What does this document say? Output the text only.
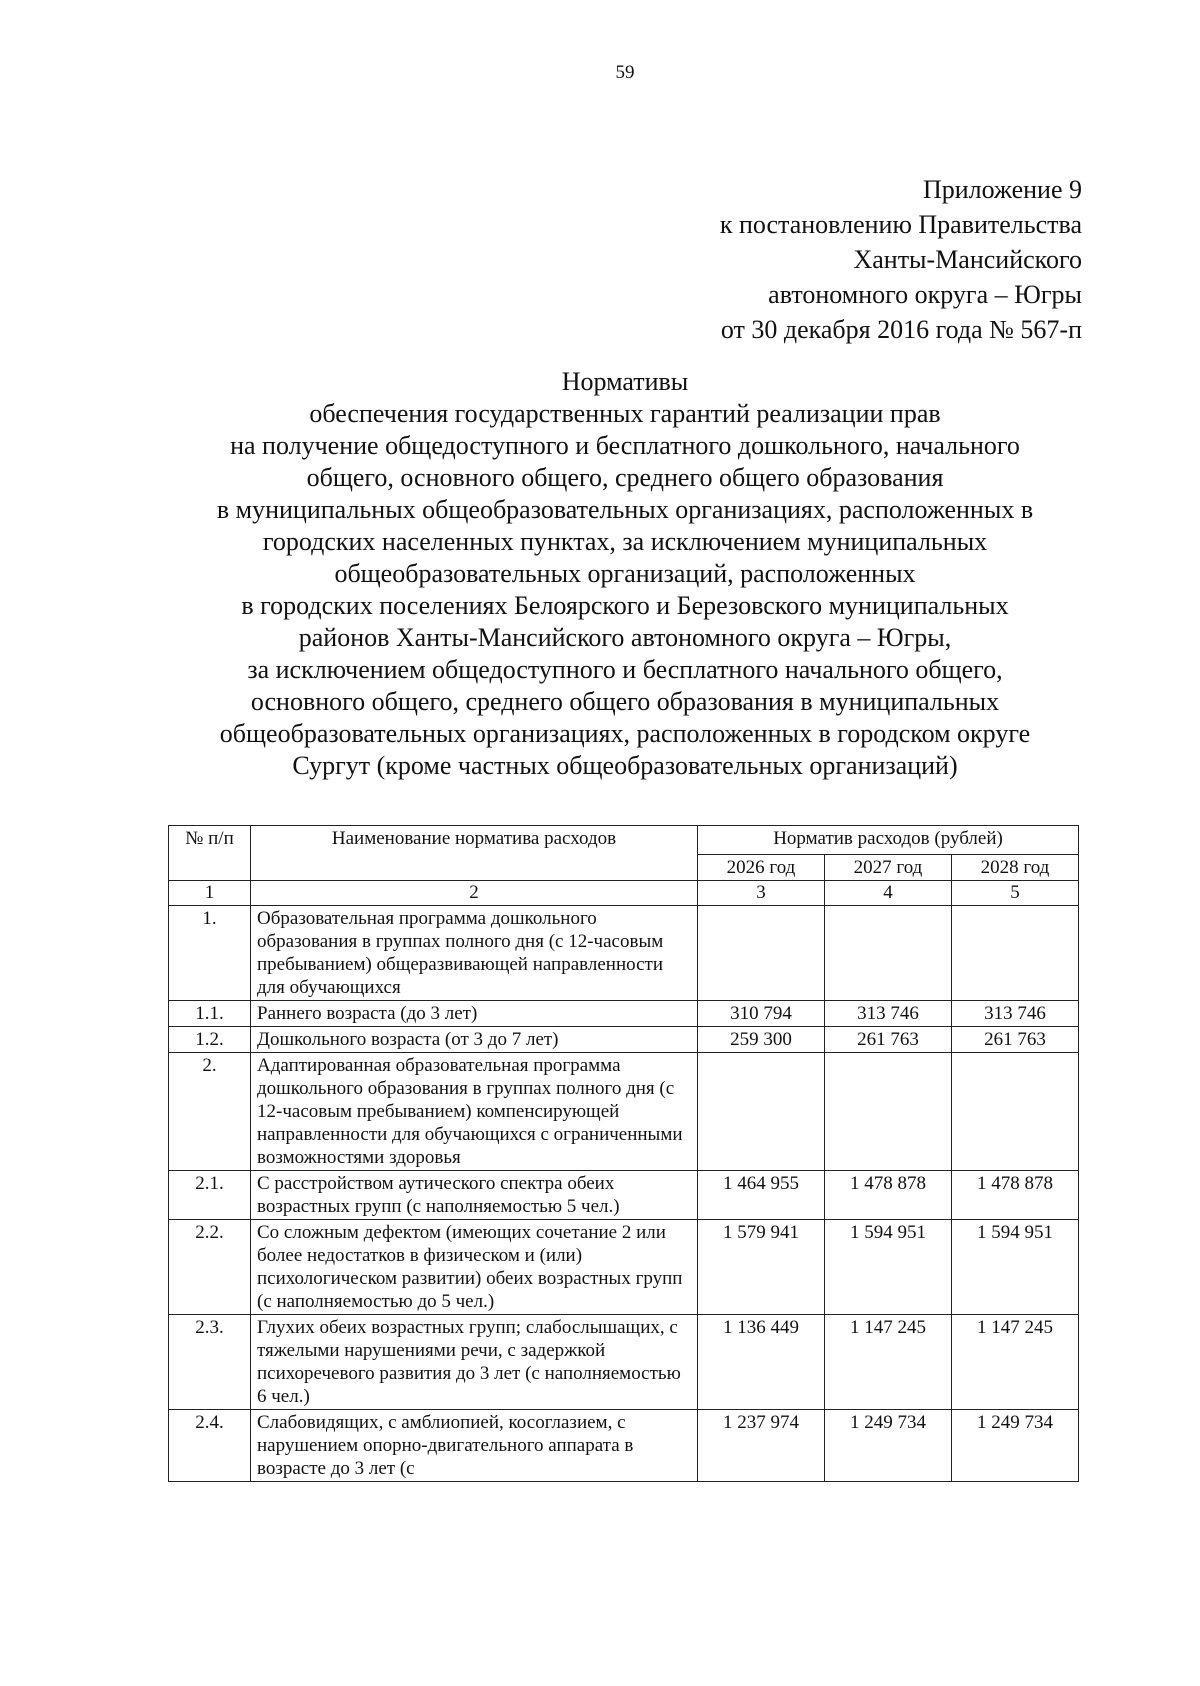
59
Приложение 9
к постановлению Правительства
Ханты-Мансийского
автономного округа – Югры
от 30 декабря 2016 года № 567-п
Нормативы
обеспечения государственных гарантий реализации прав
на получение общедоступного и бесплатного дошкольного, начального
общего, основного общего, среднего общего образования
в муниципальных общеобразовательных организациях, расположенных в
городских населенных пунктах, за исключением муниципальных
общеобразовательных организаций, расположенных
в городских поселениях Белоярского и Березовского муниципальных
районов Ханты-Мансийского автономного округа – Югры,
за исключением общедоступного и бесплатного начального общего,
основного общего, среднего общего образования в муниципальных
общеобразовательных организациях, расположенных в городском округе
Сургут (кроме частных общеобразовательных организаций)
№ п/п	Наименование норматива расходов	Норматив расходов (рублей)		
		2026 год	2027 год	2028 год
1	2	3	4	5
1.	Образовательная программа дошкольного образования в группах полного дня (с 12-часовым пребыванием) общеразвивающей направленности для обучающихся			
1.1.	Раннего возраста (до 3 лет)	310 794	313 746	313 746
1.2.	Дошкольного возраста (от 3 до 7 лет)	259 300	261 763	261 763
2.	Адаптированная образовательная программа дошкольного образования в группах полного дня (с 12-часовым пребыванием) компенсирующей направленности для обучающихся с ограниченными возможностями здоровья			
2.1.	С расстройством аутического спектра обеих возрастных групп (с наполняемостью 5 чел.)	1 464 955	1 478 878	1 478 878
2.2.	Со сложным дефектом (имеющих сочетание 2 или более недостатков в физическом и (или) психологическом развитии) обеих возрастных групп (с наполняемостью до 5 чел.)	1 579 941	1 594 951	1 594 951
2.3.	Глухих обеих возрастных групп; слабослышащих, с тяжелыми нарушениями речи, с задержкой психоречевого развития до 3 лет (с наполняемостью 6 чел.)	1 136 449	1 147 245	1 147 245
2.4.	Слабовидящих, с амблиопией, косоглазием, с нарушением опорно-двигательного аппарата в возрасте до 3 лет (с	1 237 974	1 249 734	1 249 734
